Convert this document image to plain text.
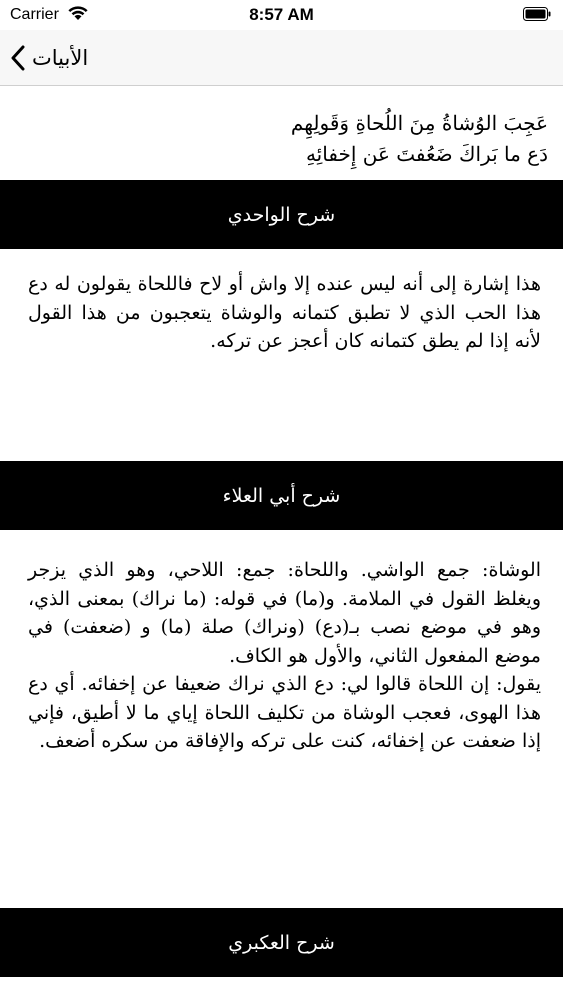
Carrier	8:57 AM
الأبيات
عَجِبَ الوُشاةُ مِنَ اللُحاةِ وَقَولِهِم
دَع ما بَراكَ ضَعُفتَ عَن إِخفائِهِ
شرح الواحدي

هذا إشارة إلى أنه ليس عنده إلا واش أو لاح فاللحاة يقولون له دع هذا الحب الذي لا تطبق كتمانه والوشاة يتعجبون من هذا القول لأنه إذا لم يطق كتمانه كان أعجز عن تركه.

شرح أبي العلاء

الوشاة: جمع الواشي. واللحاة: جمع: اللاحي، وهو الذي يزجر ويغلظ القول في الملامة. و(ما) في قوله: (ما نراك) بمعنى الذي، وهو في موضع نصب بـ(دع) (ونراك) صلة (ما) و (ضعفت) في موضع المفعول الثاني، والأول هو الكاف.

يقول: إن اللحاة قالوا لي: دع الذي نراك ضعيفا عن إخفائه. أي دع هذا الهوى، فعجب الوشاة من تكليف اللحاة إياي ما لا أطيق، فإني إذا ضعفت عن إخفائه، كنت على تركه والإفاقة من سكره أضعف.

شرح العكبري
